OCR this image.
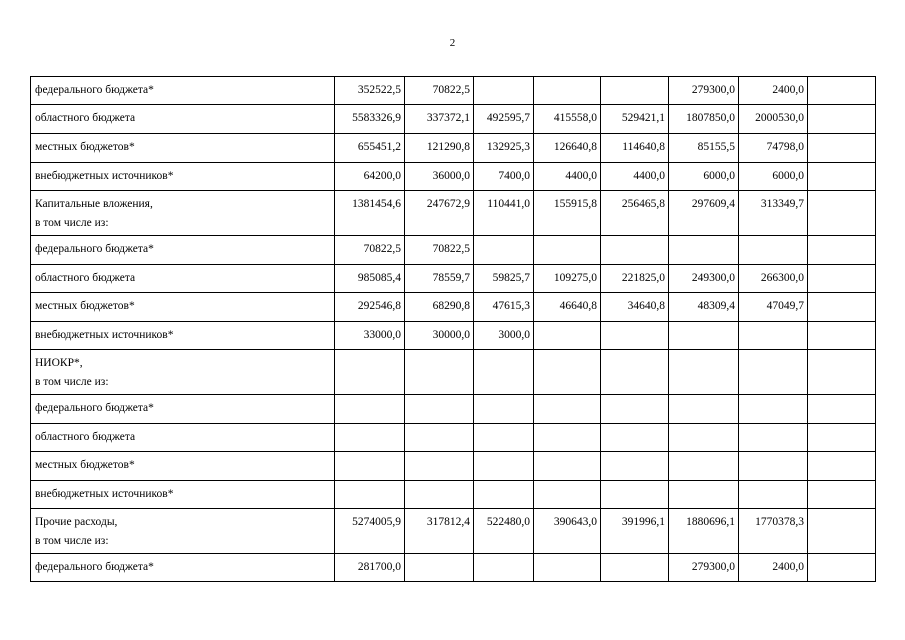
2
федерального бюджета*	352522,5	70822,5				279300,0	2400,0	
областного бюджета	5583326,9	337372,1	492595,7	415558,0	529421,1	1807850,0	2000530,0	
местных бюджетов*	655451,2	121290,8	132925,3	126640,8	114640,8	85155,5	74798,0	
внебюджетных источников*	64200,0	36000,0	7400,0	4400,0	4400,0	6000,0	6000,0	
Капитальные вложения,
в том числе из:	1381454,6	247672,9	110441,0	155915,8	256465,8	297609,4	313349,7	
федерального бюджета*	70822,5	70822,5						
областного бюджета	985085,4	78559,7	59825,7	109275,0	221825,0	249300,0	266300,0	
местных бюджетов*	292546,8	68290,8	47615,3	46640,8	34640,8	48309,4	47049,7	
внебюджетных источников*	33000,0	30000,0	3000,0					
НИОКР*,
в том числе из:								

федерального бюджета*								
областного бюджета								
местных бюджетов*								
внебюджетных источников*								
Прочие расходы,
в том числе из:	5274005,9	317812,4	522480,0	390643,0	391996,1	1880696,1	1770378,3	
федерального бюджета*	281700,0					279300,0	2400,0	
